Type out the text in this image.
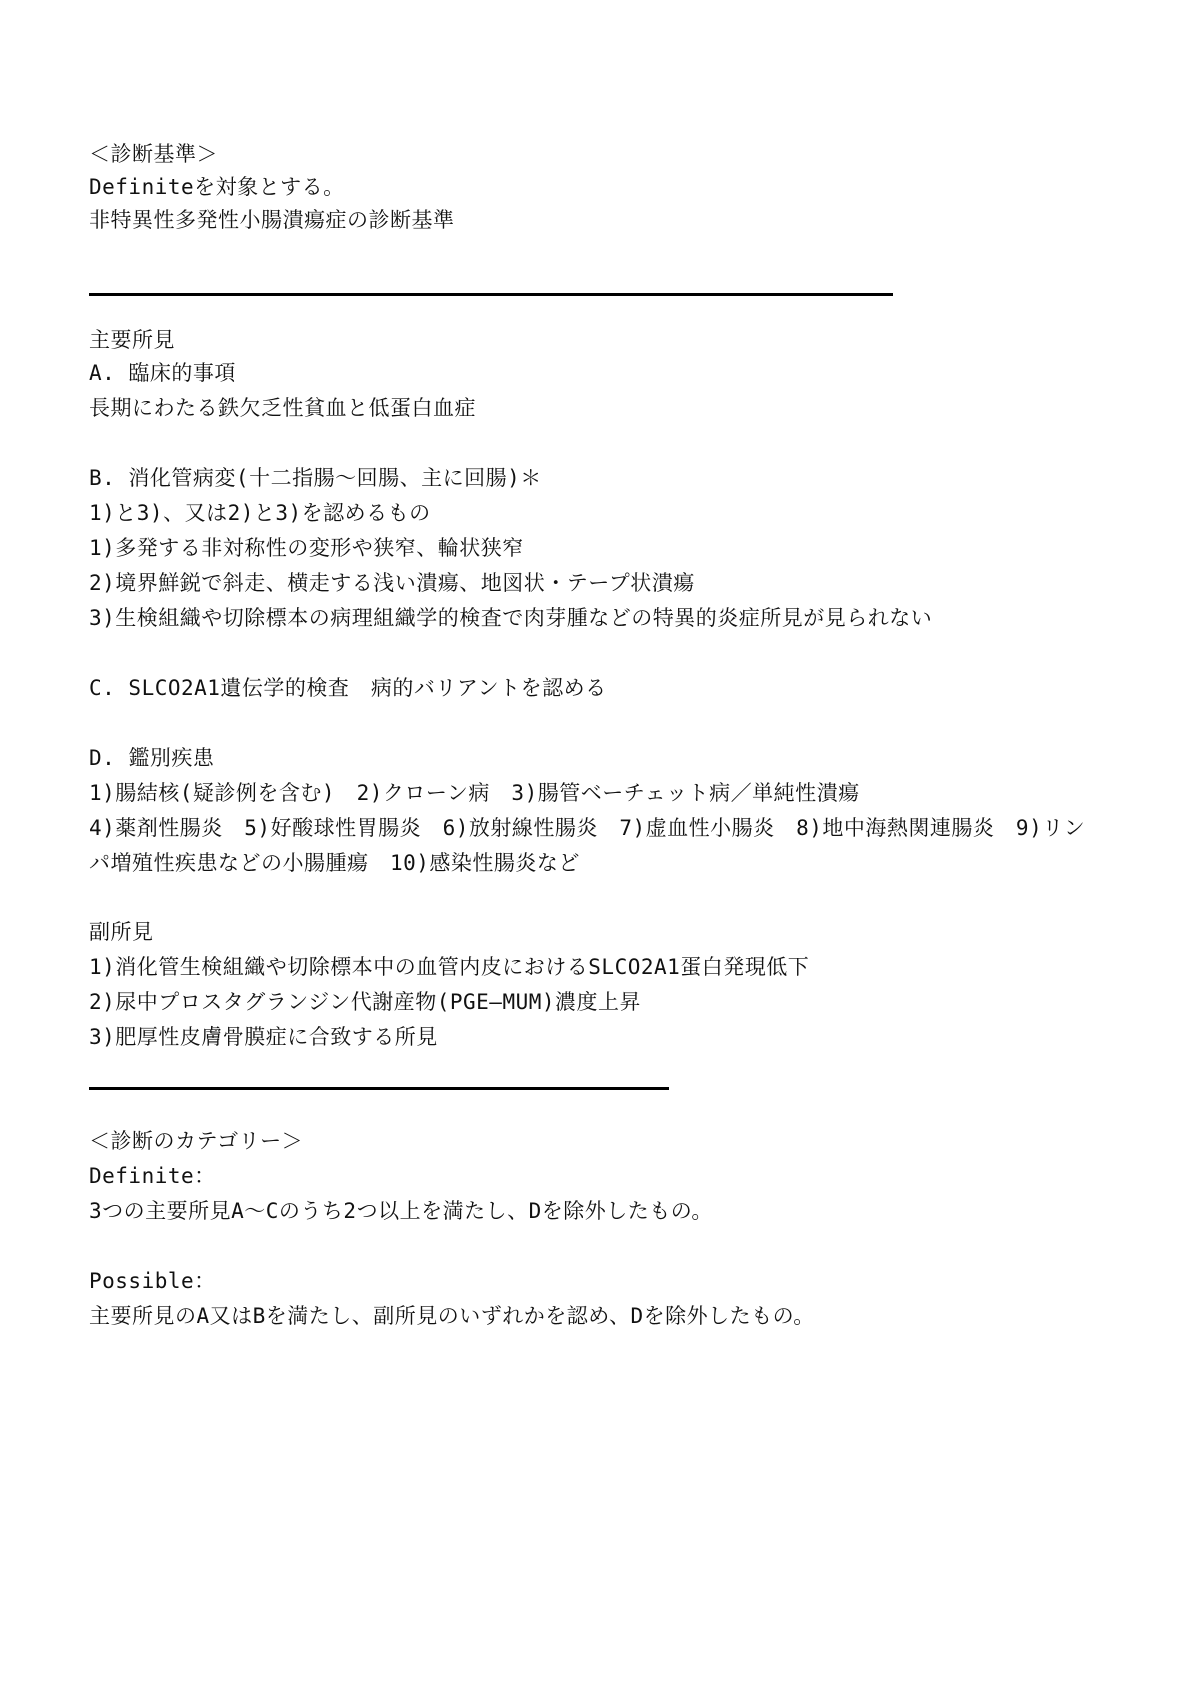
＜診断基準＞
Definiteを対象とする。
非特異性多発性小腸潰瘍症の診断基準
主要所見
A. 臨床的事項
長期にわたる鉄欠乏性貧血と低蛋白血症
B. 消化管病変(十二指腸〜回腸、主に回腸)＊
1)と3)、又は2)と3)を認めるもの
1)多発する非対称性の変形や狭窄、輪状狭窄
2)境界鮮鋭で斜走、横走する浅い潰瘍、地図状・テープ状潰瘍
3)生検組織や切除標本の病理組織学的検査で肉芽腫などの特異的炎症所見が見られない
C. SLCO2A1遺伝学的検査　病的バリアントを認める
D. 鑑別疾患
1)腸結核(疑診例を含む)　2)クローン病　3)腸管ベーチェット病／単純性潰瘍
4)薬剤性腸炎　5)好酸球性胃腸炎　6)放射線性腸炎　7)虚血性小腸炎　8)地中海熱関連腸炎　9)リン
パ増殖性疾患などの小腸腫瘍　10)感染性腸炎など
副所見
1)消化管生検組織や切除標本中の血管内皮におけるSLCO2A1蛋白発現低下
2)尿中プロスタグランジン代謝産物(PGE―MUM)濃度上昇
3)肥厚性皮膚骨膜症に合致する所見
＜診断のカテゴリー＞
Definite：
3つの主要所見A〜Cのうち2つ以上を満たし、Dを除外したもの。
Possible：
主要所見のA又はBを満たし、副所見のいずれかを認め、Dを除外したもの。
